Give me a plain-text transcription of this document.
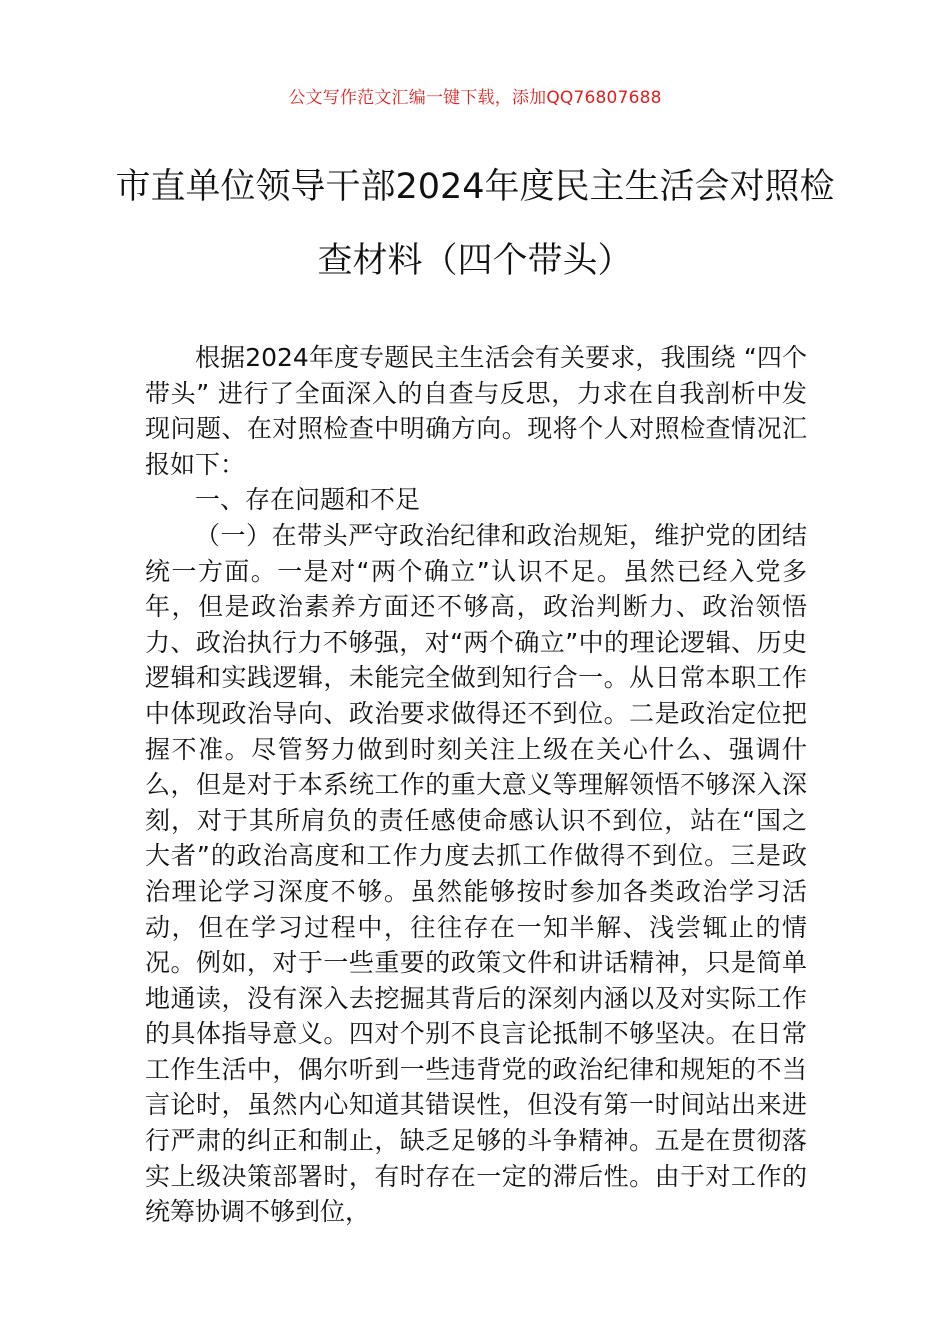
公文写作范文汇编一键下载，添加QQ76807688
市直单位领导干部2024年度民主生活会对照检查材料（四个带头）

根据2024年度专题民主生活会有关要求，我围绕 “四个带头” 进行了全面深入的自查与反思，力求在自我剖析中发现问题、在对照检查中明确方向。现将个人对照检查情况汇报如下：

一、存在问题和不足

（一）在带头严守政治纪律和政治规矩，维护党的团结统一方面。一是对“两个确立”认识不足。虽然已经入党多年，但是政治素养方面还不够高，政治判断力、政治领悟力、政治执行力不够强，对“两个确立”中的理论逻辑、历史逻辑和实践逻辑，未能完全做到知行合一。从日常本职工作中体现政治导向、政治要求做得还不到位。二是政治定位把握不准。尽管努力做到时刻关注上级在关心什么、强调什么，但是对于本系统工作的重大意义等理解领悟不够深入深刻，对于其所肩负的责任感使命感认识不到位，站在“国之大者”的政治高度和工作力度去抓工作做得不到位。三是政治理论学习深度不够。虽然能够按时参加各类政治学习活动，但在学习过程中，往往存在一知半解、浅尝辄止的情况。例如，对于一些重要的政策文件和讲话精神，只是简单地通读，没有深入去挖掘其背后的深刻内涵以及对实际工作的具体指导意义。四对个别不良言论抵制不够坚决。在日常工作生活中，偶尔听到一些违背党的政治纪律和规矩的不当言论时，虽然内心知道其错误性，但没有第一时间站出来进行严肃的纠正和制止，缺乏足够的斗争精神。五是在贯彻落实上级决策部署时，有时存在一定的滞后性。由于对工作的统筹协调不够到位，
